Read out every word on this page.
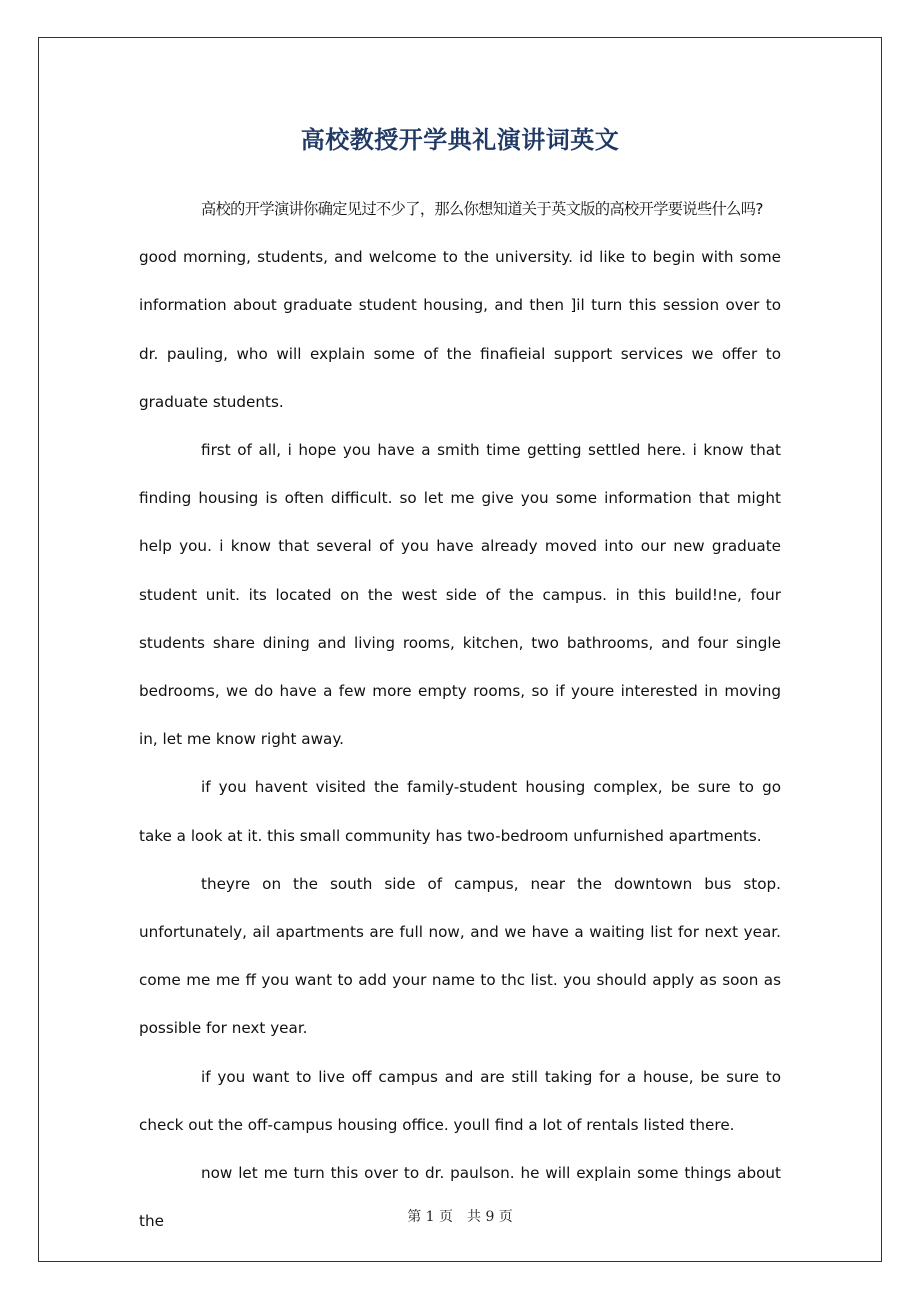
高校教授开学典礼演讲词英文

高校的开学演讲你确定见过不少了，那么你想知道关于英文版的高校开学要说些什么吗?

good morning, students, and welcome to the university. id like to begin with some information about graduate student housing, and then ]il turn this session over to dr. pauling, who will explain some of the finafieial support services we offer to graduate students.

first of all, i hope you have a smith time getting settled here. i know that finding housing is often difficult. so let me give you some information that might help you. i know that several of you have already moved into our new graduate student unit. its located on the west side of the campus. in this build!ne, four students share dining and living rooms, kitchen, two bathrooms, and four single bedrooms, we do have a few more empty rooms, so if youre interested in moving in, let me know right away.

if you havent visited the family-student housing complex, be sure to go take a look at it. this small community has two-bedroom unfurnished apartments.

theyre on the south side of campus, near the downtown bus stop. unfortunately, ail apartments are full now, and we have a waiting list for next year. come me me ff you want to add your name to thc list. you should apply as soon as possible for next year.

if you want to live off campus and are still taking for a house, be sure to check out the off-campus housing office. youll find a lot of rentals listed there.

now let me turn this over to dr. paulson. he will explain some things about the	第 1 页　共 9 页
